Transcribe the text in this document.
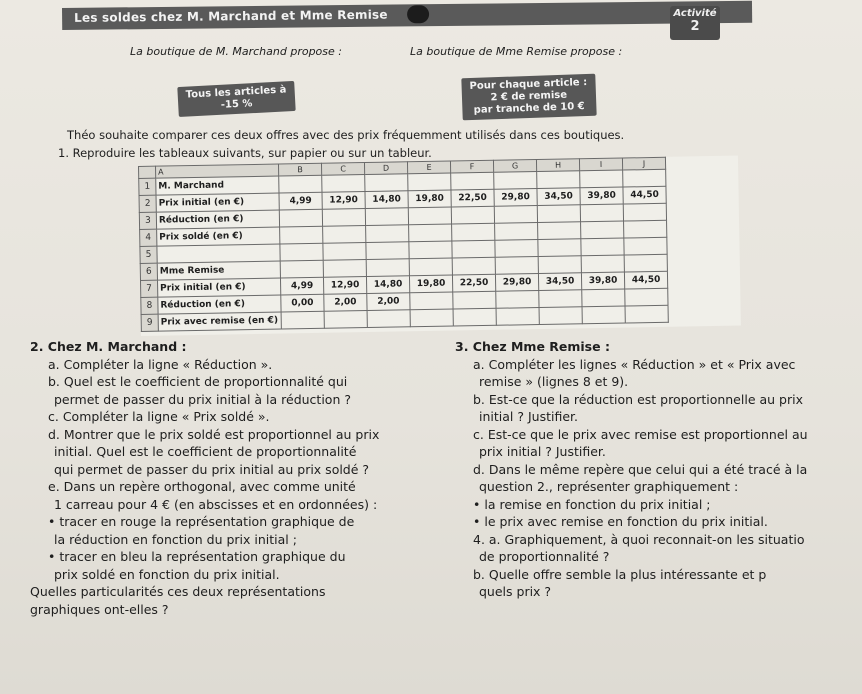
Les soldes chez M. Marchand et Mme Remise	Activité
2
La boutique de M. Marchand propose :	La boutique de Mme Remise propose :
Tous les articles à
-15 %
Pour chaque article :
2 € de remise
par tranche de 10 €
Théo souhaite comparer ces deux offres avec des prix fréquemment utilisés dans ces boutiques.
1. Reproduire les tableaux suivants, sur papier ou sur un tableur.
	A	B	C	D	E	F	G	H	I	J
1	M. Marchand									
2	Prix initial (en €)	4,99	12,90	14,80	19,80	22,50	29,80	34,50	39,80	44,50
3	Réduction (en €)									
4	Prix soldé (en €)									
5										
6	Mme Remise									
7	Prix initial (en €)	4,99	12,90	14,80	19,80	22,50	29,80	34,50	39,80	44,50
8	Réduction (en €)	0,00	2,00	2,00						
9	Prix avec remise (en €)									

2. Chez M. Marchand :

a. Compléter la ligne « Réduction ».

b. Quel est le coefficient de proportionnalité qui

permet de passer du prix initial à la réduction ?

c. Compléter la ligne « Prix soldé ».

d. Montrer que le prix soldé est proportionnel au prix

initial. Quel est le coefficient de proportionnalité

qui permet de passer du prix initial au prix soldé ?

e. Dans un repère orthogonal, avec comme unité

1 carreau pour 4 € (en abscisses et en ordonnées) :

• tracer en rouge la représentation graphique de

la réduction en fonction du prix initial ;

• tracer en bleu la représentation graphique du

prix soldé en fonction du prix initial.

Quelles particularités ces deux représentations

graphiques ont-elles ?

3. Chez Mme Remise :

a. Compléter les lignes « Réduction » et « Prix avec

remise » (lignes 8 et 9).

b. Est-ce que la réduction est proportionnelle au prix

initial ? Justifier.

c. Est-ce que le prix avec remise est proportionnel au

prix initial ? Justifier.

d. Dans le même repère que celui qui a été tracé à la

question 2., représenter graphiquement :

• la remise en fonction du prix initial ;

• le prix avec remise en fonction du prix initial.

4. a. Graphiquement, à quoi reconnait-on les situatio

de proportionnalité ?

b. Quelle offre semble la plus intéressante et p

quels prix ?
